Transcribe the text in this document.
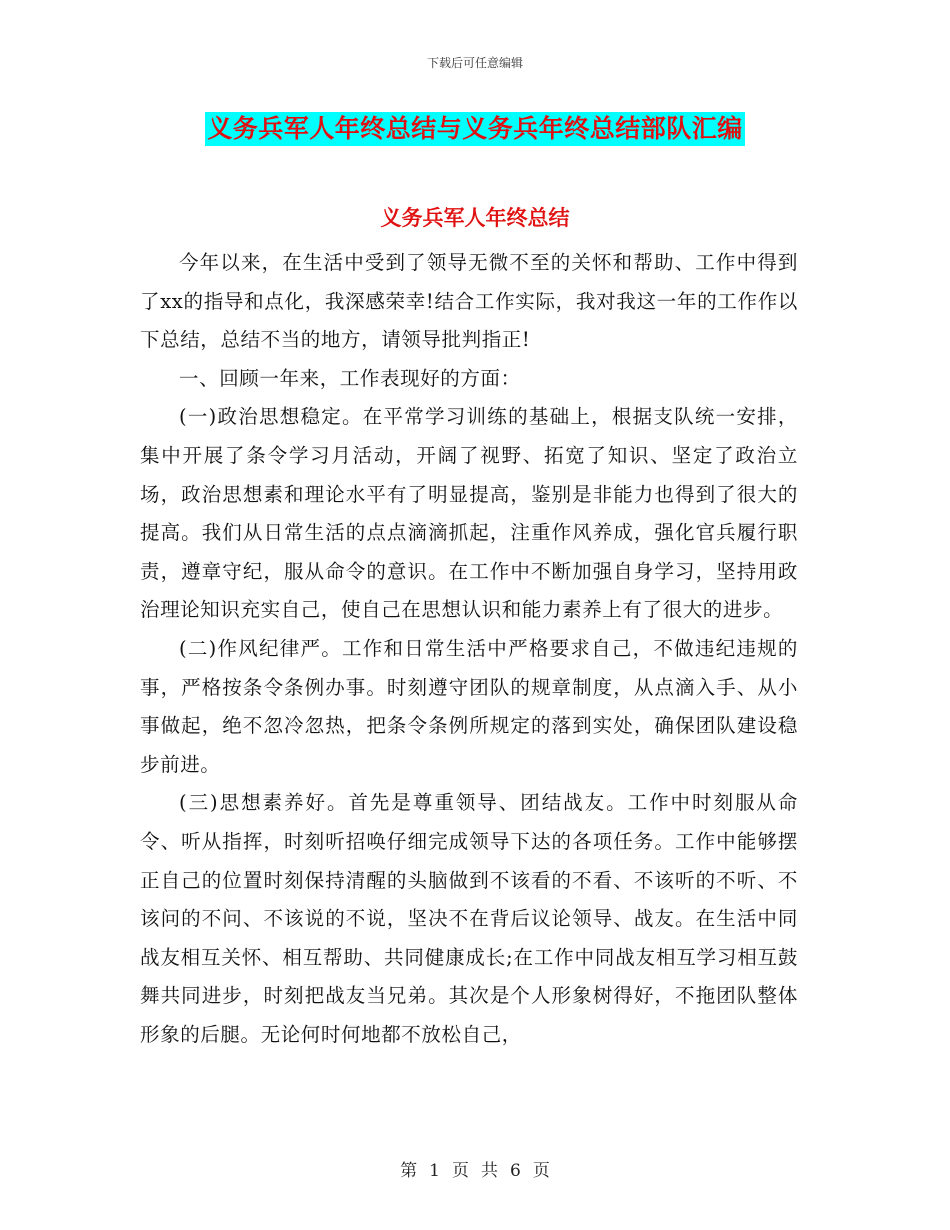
下载后可任意编辑
义务兵军人年终总结与义务兵年终总结部队汇编
义务兵军人年终总结

今年以来，在生活中受到了领导无微不至的关怀和帮助、工作中得到了xx的指导和点化，我深感荣幸!结合工作实际，我对我这一年的工作作以下总结，总结不当的地方，请领导批判指正!

一、回顾一年来，工作表现好的方面：

(一)政治思想稳定。在平常学习训练的基础上，根据支队统一安排，集中开展了条令学习月活动，开阔了视野、拓宽了知识、坚定了政治立场，政治思想素和理论水平有了明显提高，鉴别是非能力也得到了很大的提高。我们从日常生活的点点滴滴抓起，注重作风养成，强化官兵履行职责，遵章守纪，服从命令的意识。在工作中不断加强自身学习，坚持用政治理论知识充实自己，使自己在思想认识和能力素养上有了很大的进步。

(二)作风纪律严。工作和日常生活中严格要求自己，不做违纪违规的事，严格按条令条例办事。时刻遵守团队的规章制度，从点滴入手、从小事做起，绝不忽冷忽热，把条令条例所规定的落到实处，确保团队建设稳步前进。

(三)思想素养好。首先是尊重领导、团结战友。工作中时刻服从命令、听从指挥，时刻听招唤仔细完成领导下达的各项任务。工作中能够摆正自己的位置时刻保持清醒的头脑做到不该看的不看、不该听的不听、不该问的不问、不该说的不说，坚决不在背后议论领导、战友。在生活中同战友相互关怀、相互帮助、共同健康成长;在工作中同战友相互学习相互鼓舞共同进步，时刻把战友当兄弟。其次是个人形象树得好，不拖团队整体形象的后腿。无论何时何地都不放松自己，

第 1 页 共 6 页
